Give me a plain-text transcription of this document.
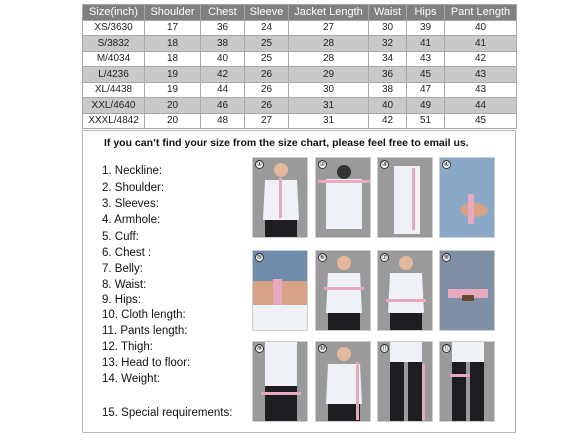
Size(inch)	Shoulder	Chest	Sleeve	Jacket Length	Waist	Hips	Pant Length
XS/3630	17	36	24	27	30	39	40
S/3832	18	38	25	28	32	41	41
M/4034	18	40	25	28	34	43	42
L/4236	19	42	26	29	36	45	43
XL/4438	19	44	26	30	38	47	43
XXL/4640	20	46	26	31	40	49	44
XXXL/4842	20	48	27	31	42	51	45
If you can’t find your size from the size chart, please feel free to email us.
1. Neckline:
2. Shoulder:
3. Sleeves:
4. Armhole:
5. Cuff:
6. Chest :
7. Belly:
8. Waist:
9. Hips:
10. Cloth length:
11. Pants length:
12. Thigh:
13. Head to floor:
14. Weight:
15. Special requirements:
①	②	③	④
⑤	⑥	⑦	⑧
⑨	⑩	⑪	⑫
